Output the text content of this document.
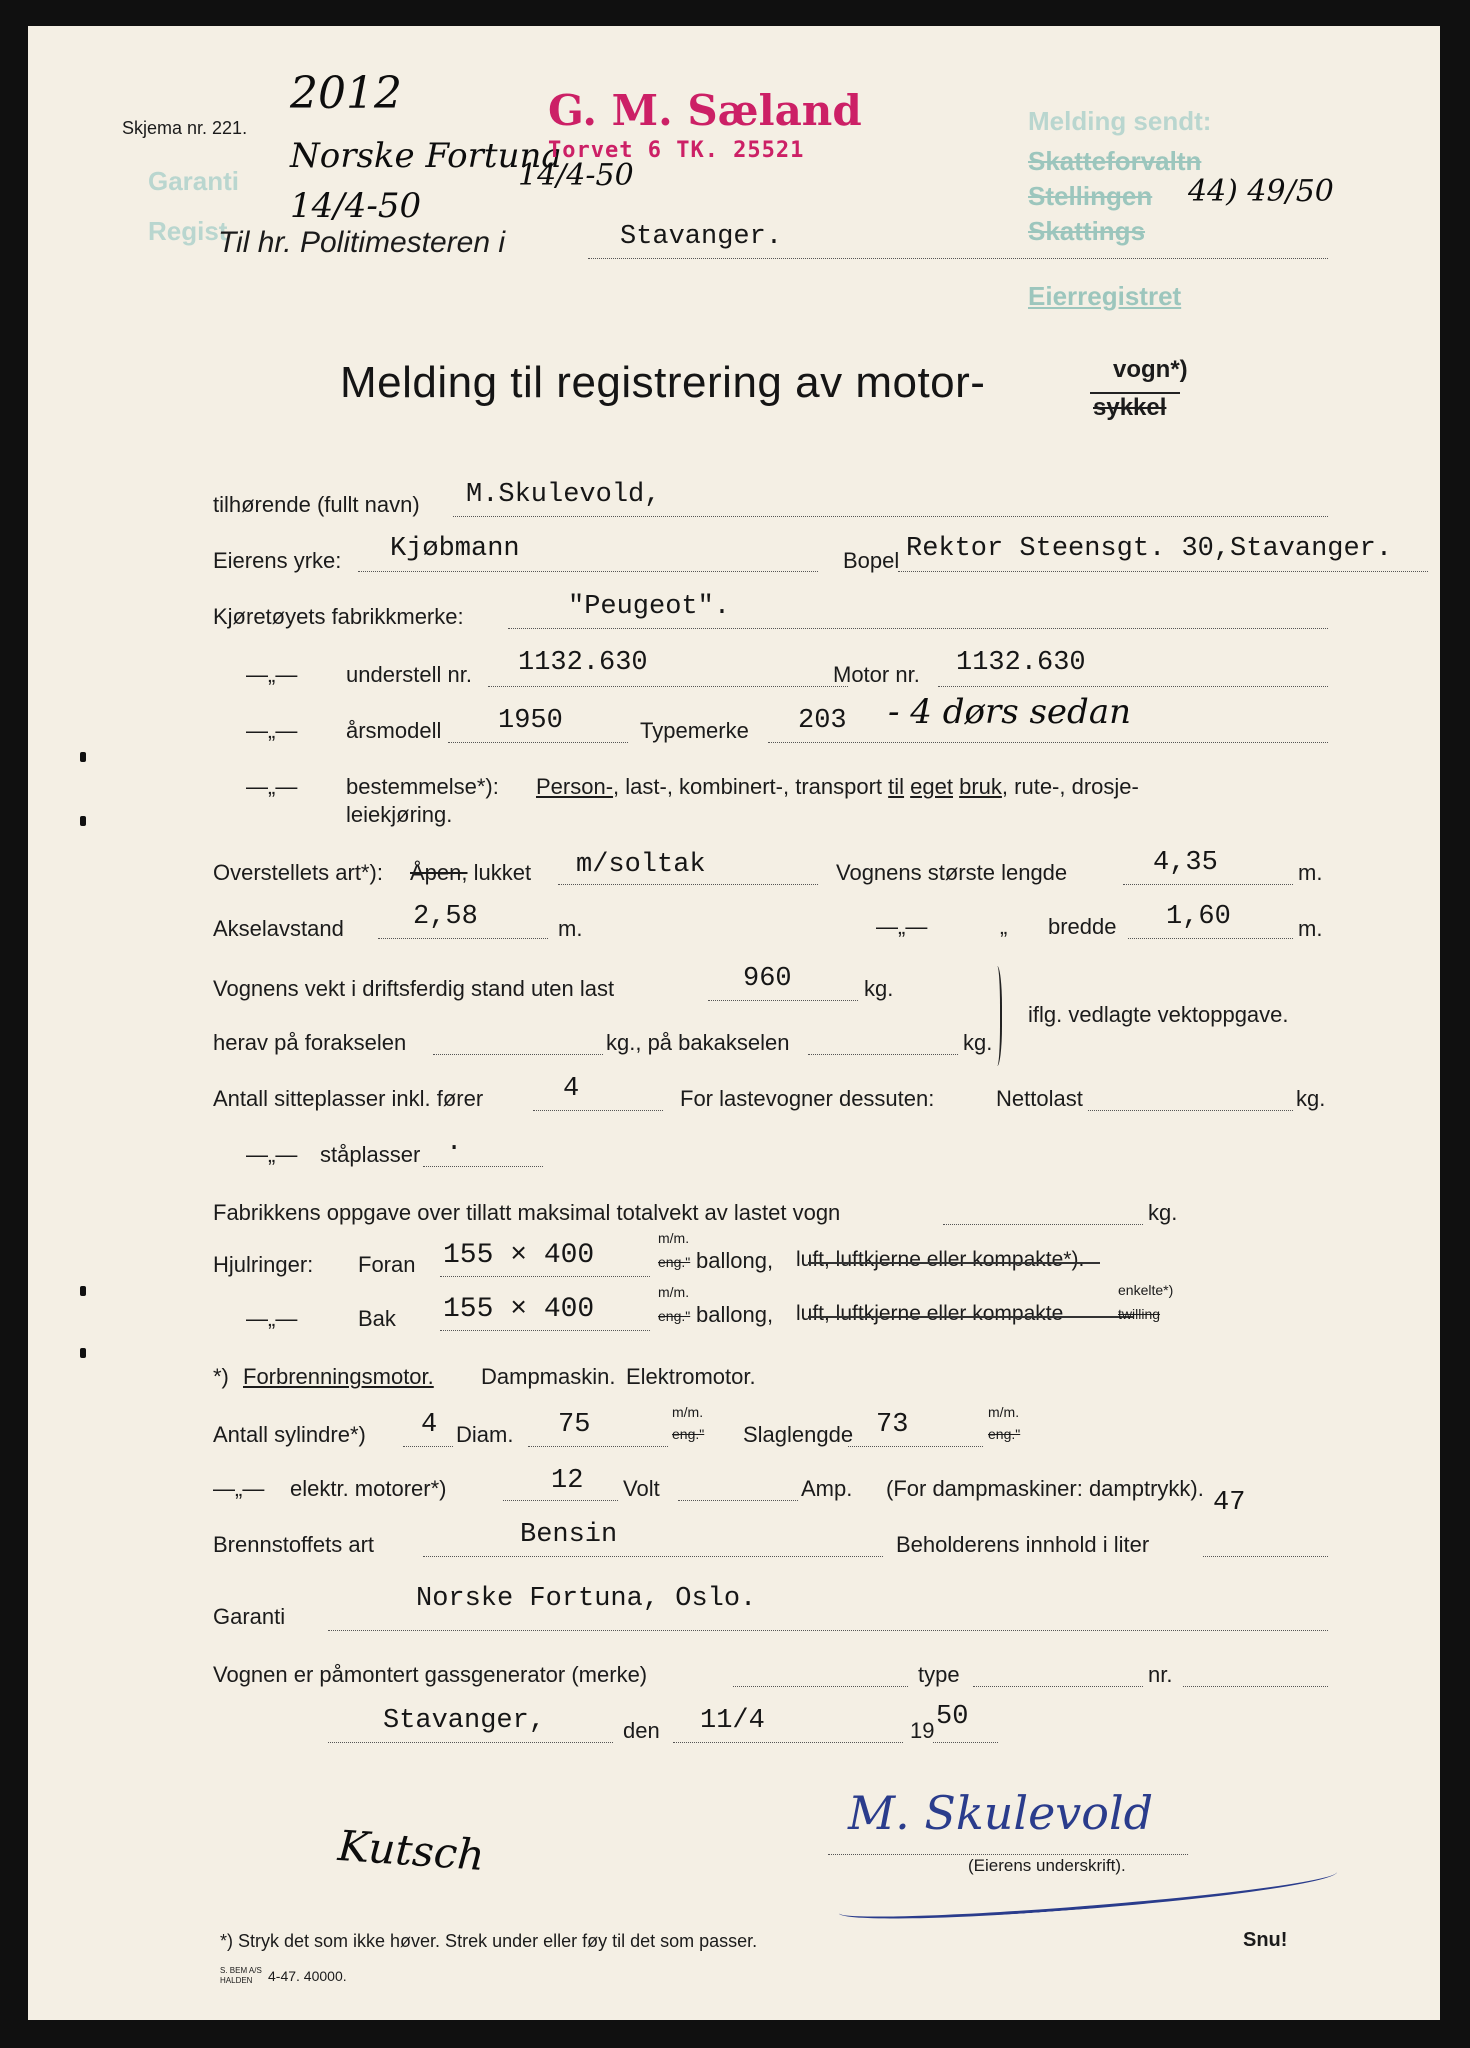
Garanti
Regist
Melding sendt:
Skatteforvaltn
Stellingen
Skattings
Eierregistret
Skjema nr. 221.
2012
Norske Fortuna
14/4-50
14/4-50	44) 49/50
G. M. Sæland
Torvet 6 TK. 25521
Til hr. Politimesteren i	Stavanger.
Melding til registrering av motor-	vogn*)
sykkel
tilhørende (fullt navn) M.Skulevold,
Eierens yrke: Kjøbmann	Bopel Rektor Steensgt. 30,Stavanger.
Kjøretøyets fabrikkmerke:	"Peugeot".
—„— understell nr. 1132.630	Motor nr. 1132.630
—„— årsmodell 1950	Typemerke 203 - 4 dørs sedan
—„— bestemmelse*): Person-, last-, kombinert-, transport til eget bruk, rute-, drosje-
leiekjøring.
Overstellets art*): Åpen, lukket m/soltak	Vognens største lengde	4,35	m.
Akselavstand	2,58	m.	—„—	„ bredde 1,60	m.
Vognens vekt i driftsferdig stand uten last	960	kg.
herav på forakselen	kg., på bakakselen	kg.
iflg. vedlagte vektoppgave.
Antall sitteplasser inkl. fører	4	For lastevogner dessuten:	Nettolast	kg.
—„— ståplasser .
Fabrikkens oppgave over tillatt maksimal totalvekt av lastet vogn	kg.
Hjulringer: Foran 155 × 400
m/m.
eng." ballong, luft, luftkjerne eller kompakte*).
—„—	Bak 155 × 400
m/m.
eng." ballong, luft, luftkjerne eller kompakte
enkelte*)
twilling
*) Forbrenningsmotor. Dampmaskin. Elektromotor.
Antall sylindre*) 4 Diam. 75	m/m.
eng." Slaglengde 73	m/m.
eng."
—„— elektr. motorer*)	12 Volt	Amp. (For dampmaskiner: damptrykk).
Brennstoffets art	Bensin	Beholderens innhold i liter
47
Garanti
Norske Fortuna, Oslo.
Vognen er påmontert gassgenerator (merke)	type	nr.
Stavanger,	den 11/4	19 50
M. Skulevold
(Eierens underskrift).
Kutsch
*) Stryk det som ikke høver. Strek under eller føy til det som passer.	Snu!
S. BEM A/S
HALDEN 4-47. 40000.
